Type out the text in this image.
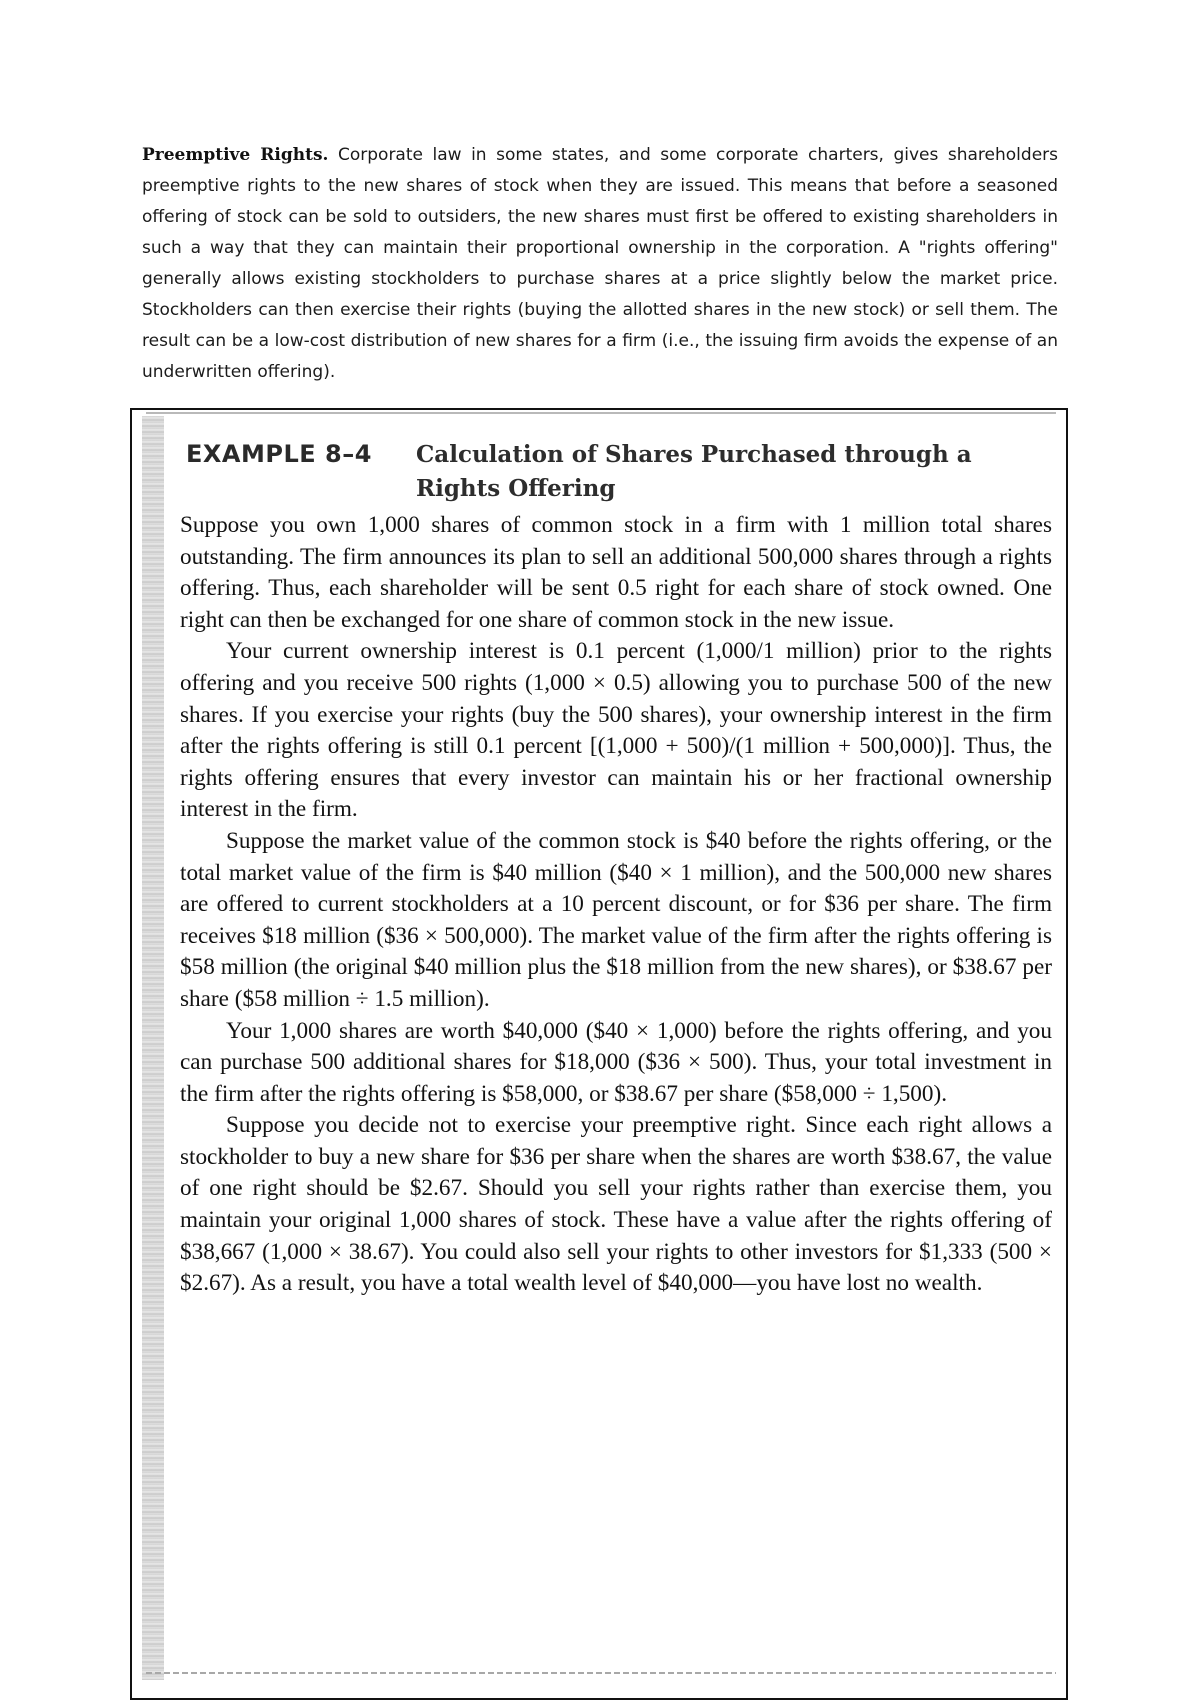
Preemptive Rights. Corporate law in some states, and some corporate charters, gives shareholders preemptive rights to the new shares of stock when they are issued. This means that before a seasoned offering of stock can be sold to outsiders, the new shares must first be offered to existing shareholders in such a way that they can maintain their proportional ownership in the corporation. A "rights offering" generally allows existing stockholders to purchase shares at a price slightly below the market price. Stockholders can then exercise their rights (buying the allotted shares in the new stock) or sell them. The result can be a low-cost distribution of new shares for a firm (i.e., the issuing firm avoids the expense of an underwritten offering).

EXAMPLE 8–4 Calculation of Shares Purchased through a Rights Offering

Suppose you own 1,000 shares of common stock in a firm with 1 million total shares outstanding. The firm announces its plan to sell an additional 500,000 shares through a rights offering. Thus, each shareholder will be sent 0.5 right for each share of stock owned. One right can then be exchanged for one share of common stock in the new issue.

Your current ownership interest is 0.1 percent (1,000/1 million) prior to the rights offering and you receive 500 rights (1,000 × 0.5) allowing you to purchase 500 of the new shares. If you exercise your rights (buy the 500 shares), your ownership interest in the firm after the rights offering is still 0.1 percent [(1,000 + 500)/(1 million + 500,000)]. Thus, the rights offering ensures that every investor can maintain his or her fractional ownership interest in the firm.

Suppose the market value of the common stock is $40 before the rights offering, or the total market value of the firm is $40 million ($40 × 1 million), and the 500,000 new shares are offered to current stockholders at a 10 percent discount, or for $36 per share. The firm receives $18 million ($36 × 500,000). The market value of the firm after the rights offering is $58 million (the original $40 million plus the $18 million from the new shares), or $38.67 per share ($58 million ÷ 1.5 million).

Your 1,000 shares are worth $40,000 ($40 × 1,000) before the rights offering, and you can purchase 500 additional shares for $18,000 ($36 × 500). Thus, your total investment in the firm after the rights offering is $58,000, or $38.67 per share ($58,000 ÷ 1,500).

Suppose you decide not to exercise your preemptive right. Since each right allows a stockholder to buy a new share for $36 per share when the shares are worth $38.67, the value of one right should be $2.67. Should you sell your rights rather than exercise them, you maintain your original 1,000 shares of stock. These have a value after the rights offering of $38,667 (1,000 × 38.67). You could also sell your rights to other investors for $1,333 (500 × $2.67). As a result, you have a total wealth level of $40,000—you have lost no wealth.
